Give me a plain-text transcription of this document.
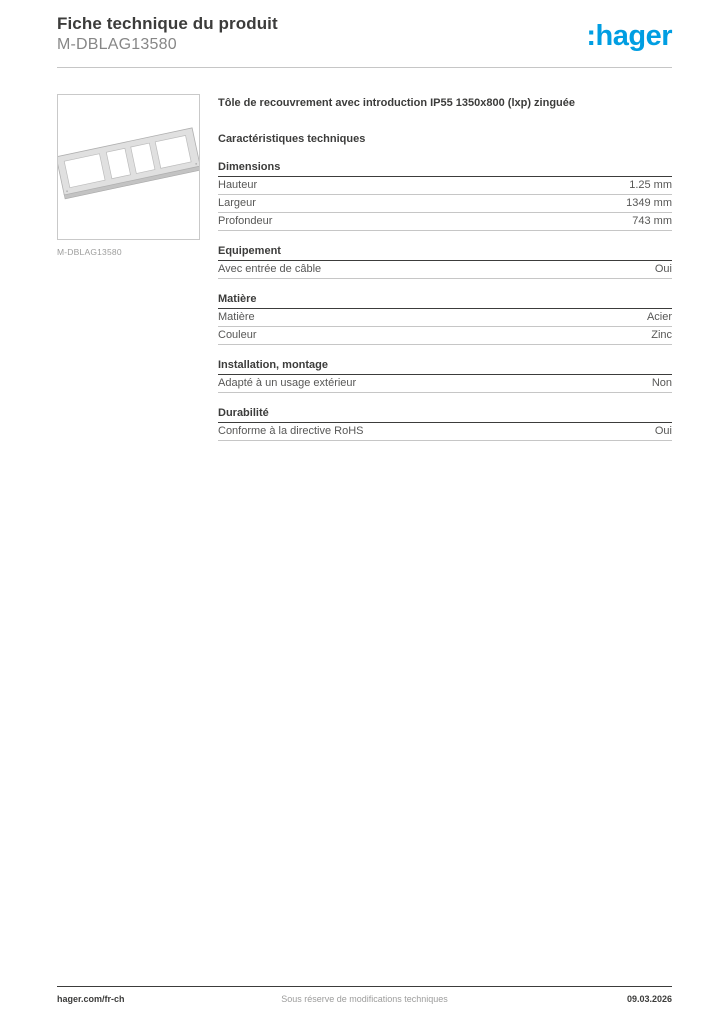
Fiche technique du produit
M-DBLAG13580	:hager
M-DBLAG13580
Tôle de recouvrement avec introduction IP55 1350x800 (lxp) zinguée
Caractéristiques techniques
Dimensions
Hauteur	1.25 mm
Largeur	1349 mm
Profondeur	743 mm
Equipement
Avec entrée de câble	Oui
Matière
Matière	Acier
Couleur	Zinc
Installation, montage
Adapté à un usage extérieur	Non
Durabilité
Conforme à la directive RoHS	Oui
hager.com/fr-ch	Sous réserve de modifications techniques	09.03.2026
